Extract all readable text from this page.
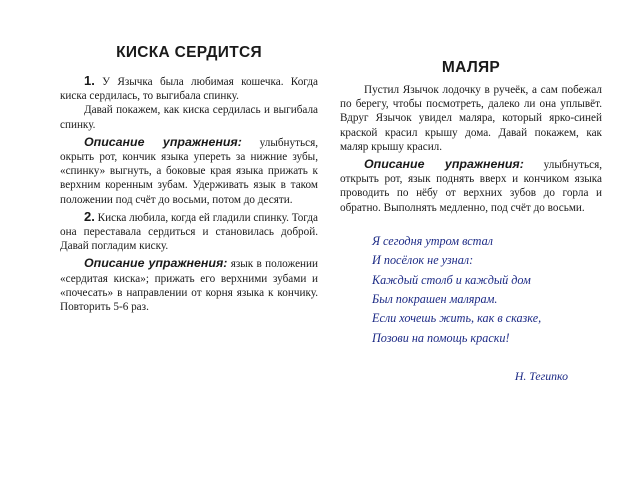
КИСКА СЕРДИТСЯ

1. У Язычка была любимая кошечка. Когда киска сердилась, то выгибала спинку.

Давай покажем, как киска сердилась и выгибала спинку.

Описание упражнения: улыбнуться, окрыть рот, кончик языка упереть за нижние зубы, «спинку» выгнуть, а боковые края языка прижать к верхним коренным зубам. Удерживать язык в таком положении под счёт до восьми, потом до десяти.

2. Киска любила, когда ей гладили спинку. Тогда она переставала сердиться и становилась доброй. Давай погладим киску.

Описание упражнения: язык в положении «сердитая киска»; прижать его верхними зубами и «почесать» в направлении от корня языка к кончику. Повторить 5-6 раз.

МАЛЯР

Пустил Язычок лодочку в ручеёк, а сам побежал по берегу, чтобы посмотреть, далеко ли она уплывёт. Вдруг Язычок увидел маляра, который ярко-синей краской красил крышу дома. Давай покажем, как маляр крышу красил.

Описание упражнения: улыбнуться, открыть рот, язык поднять вверх и кончиком языка проводить по нёбу от верхних зубов до горла и обратно. Выполнять медленно, под счёт до восьми.

Я сегодня утром встал
И посёлок не узнал:
Каждый столб и каждый дом
Был покрашен малярам.
Если хочешь жить, как в сказке,
Позови на помощь краски!
Н. Тегипко
